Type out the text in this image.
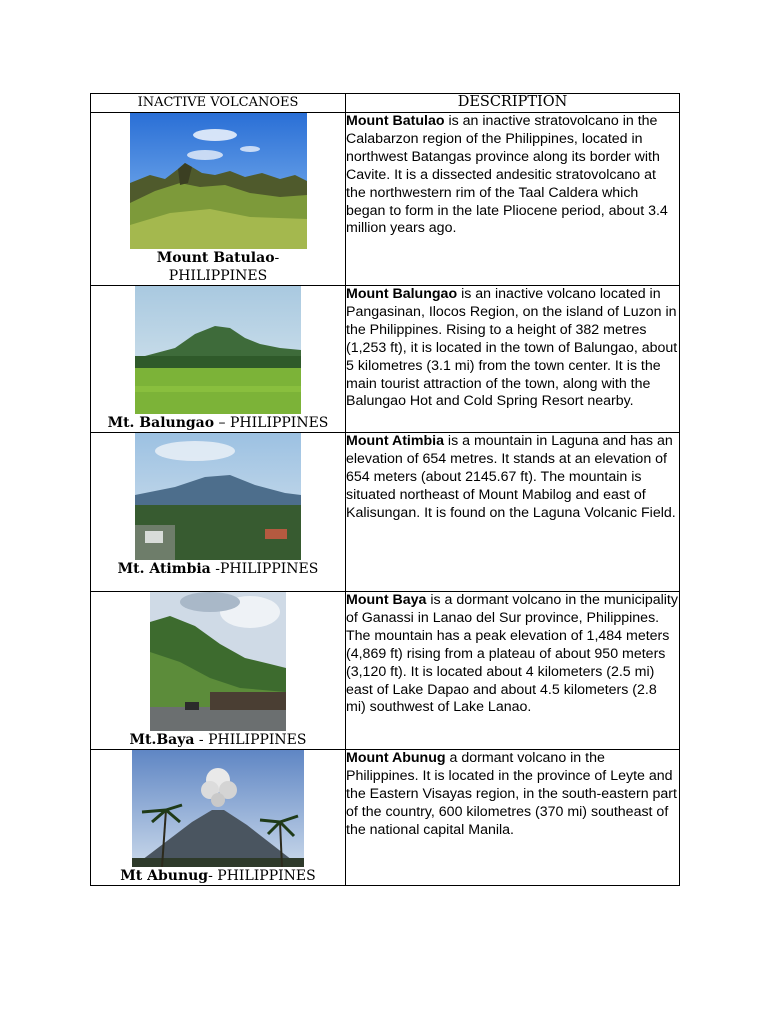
INACTIVE VOLCANOES	DESCRIPTION

Mount Batulao-
PHILIPPINES	Mount Batulao is an inactive stratovolcano in the Calabarzon region of the Philippines, located in northwest Batangas province along its border with Cavite. It is a dissected andesitic stratovolcano at the northwestern rim of the Taal Caldera which began to form in the late Pliocene period, about 3.4 million years ago.

Mt. Balungao – PHILIPPINES	Mount Balungao is an inactive volcano located in Pangasinan, Ilocos Region, on the island of Luzon in the Philippines. Rising to a height of 382 metres (1,253 ft), it is located in the town of Balungao, about 5 kilometres (3.1 mi) from the town center. It is the main tourist attraction of the town, along with the Balungao Hot and Cold Spring Resort nearby.

Mt. Atimbia -PHILIPPINES	Mount Atimbia is a mountain in Laguna and has an elevation of 654 metres. It stands at an elevation of 654 meters (about 2145.67 ft). The mountain is situated northeast of Mount Mabilog and east of Kalisungan. It is found on the Laguna Volcanic Field.

Mt.Baya - PHILIPPINES	Mount Baya is a dormant volcano in the municipality of Ganassi in Lanao del Sur province, Philippines. The mountain has a peak elevation of 1,484 meters (4,869 ft) rising from a plateau of about 950 meters (3,120 ft). It is located about 4 kilometers (2.5 mi) east of Lake Dapao and about 4.5 kilometers (2.8 mi) southwest of Lake Lanao.

Mt Abunug- PHILIPPINES	Mount Abunug a dormant volcano in the Philippines. It is located in the province of Leyte and the Eastern Visayas region, in the south-eastern part of the country, 600 kilometres (370 mi) southeast of the national capital Manila.
